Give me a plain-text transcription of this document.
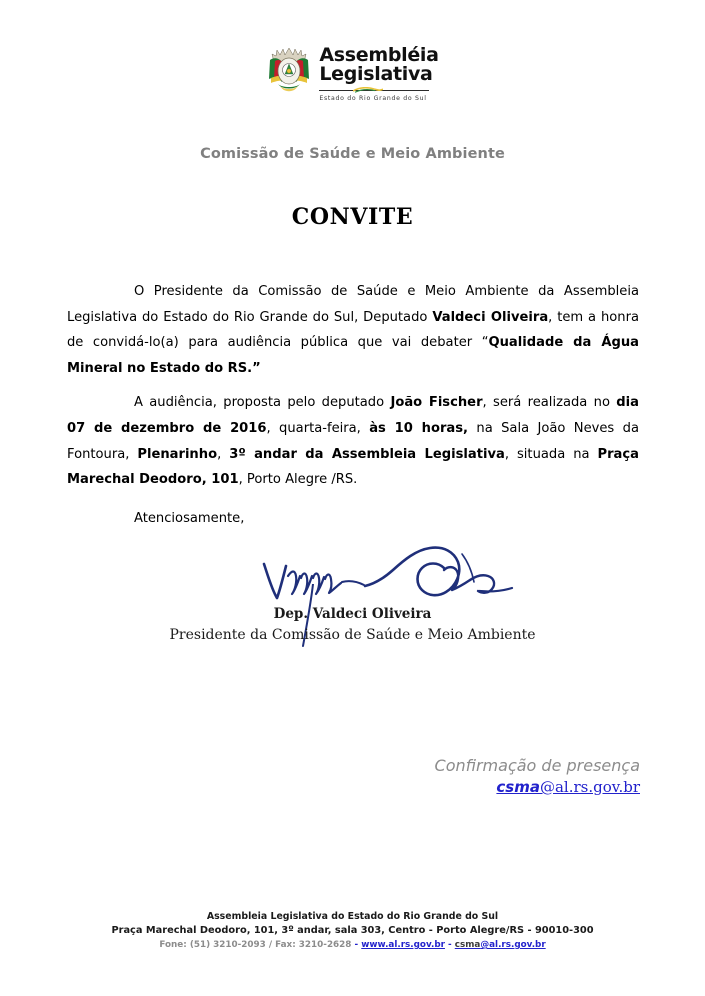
Assembléia
Legislativa
Estado do Rio Grande do Sul
Comissão de Saúde e Meio Ambiente
CONVITE

O Presidente da Comissão de Saúde e Meio Ambiente da Assembleia Legislativa do Estado do Rio Grande do Sul, Deputado Valdeci Oliveira, tem a honra de convidá-lo(a) para audiência pública que vai debater “Qualidade da Água Mineral no Estado do RS.”

A audiência, proposta pelo deputado João Fischer, será realizada no dia 07 de dezembro de 2016, quarta-feira, às 10 horas, na Sala João Neves da Fontoura, Plenarinho, 3º andar da Assembleia Legislativa, situada na Praça Marechal Deodoro, 101, Porto Alegre /RS.

Atenciosamente,
Dep. Valdeci Oliveira
Presidente da Comissão de Saúde e Meio Ambiente
Confirmação de presença
csma@al.rs.gov.br
Assembleia Legislativa do Estado do Rio Grande do Sul
Praça Marechal Deodoro, 101, 3º andar, sala 303, Centro - Porto Alegre/RS - 90010-300
Fone: (51) 3210-2093 / Fax: 3210-2628 - www.al.rs.gov.br - csma@al.rs.gov.br
